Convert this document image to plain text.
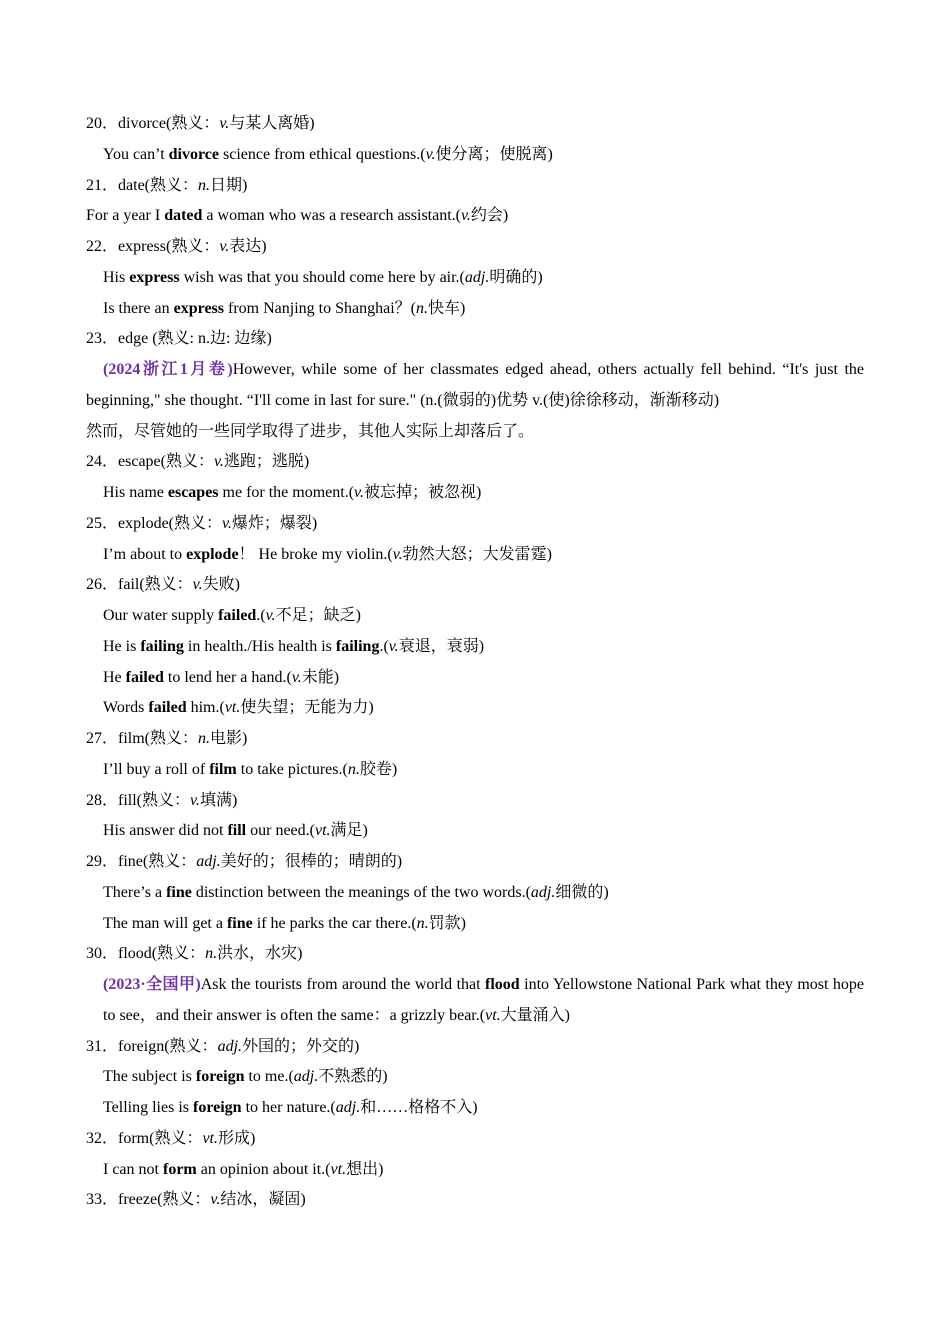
20．divorce(熟义：v.与某人离婚)
You can’t divorce science from ethical questions.(v.使分离；使脱离)
21．date(熟义：n.日期)
For a year I dated a woman who was a research assistant.(v.约会)
22．express(熟义：v.表达)
His express wish was that you should come here by air.(adj.明确的)
Is there an express from Nanjing to Shanghai？(n.快车)
23．edge (熟义: n.边: 边缘)
(2024浙江1月卷)However, while some of her classmates edged ahead, others actually fell behind. “It's just the beginning," she thought. “I'll come in last for sure." (n.(微弱的)优势 v.(使)徐徐移动，渐渐移动)
然而，尽管她的一些同学取得了进步，其他人实际上却落后了。
24．escape(熟义：v.逃跑；逃脱)
His name escapes me for the moment.(v.被忘掉；被忽视)
25．explode(熟义：v.爆炸；爆裂)
I’m about to explode！ He broke my violin.(v.勃然大怒；大发雷霆)
26．fail(熟义：v.失败)
Our water supply failed.(v.不足；缺乏)
He is failing in health./His health is failing.(v.衰退，衰弱)
He failed to lend her a hand.(v.未能)
Words failed him.(vt.使失望；无能为力)
27．film(熟义：n.电影)
I’ll buy a roll of film to take pictures.(n.胶卷)
28．fill(熟义：v.填满)
His answer did not fill our need.(vt.满足)
29．fine(熟义：adj.美好的；很棒的；晴朗的)
There’s a fine distinction between the meanings of the two words.(adj.细微的)
The man will get a fine if he parks the car there.(n.罚款)
30．flood(熟义：n.洪水，水灾)
(2023·全国甲)Ask the tourists from around the world that flood into Yellowstone National Park what they most hope to see，and their answer is often the same：a grizzly bear.(vt.大量涌入)
31．foreign(熟义：adj.外国的；外交的)
The subject is foreign to me.(adj.不熟悉的)
Telling lies is foreign to her nature.(adj.和……格格不入)
32．form(熟义：vt.形成)
I can not form an opinion about it.(vt.想出)
33．freeze(熟义：v.结冰，凝固)
